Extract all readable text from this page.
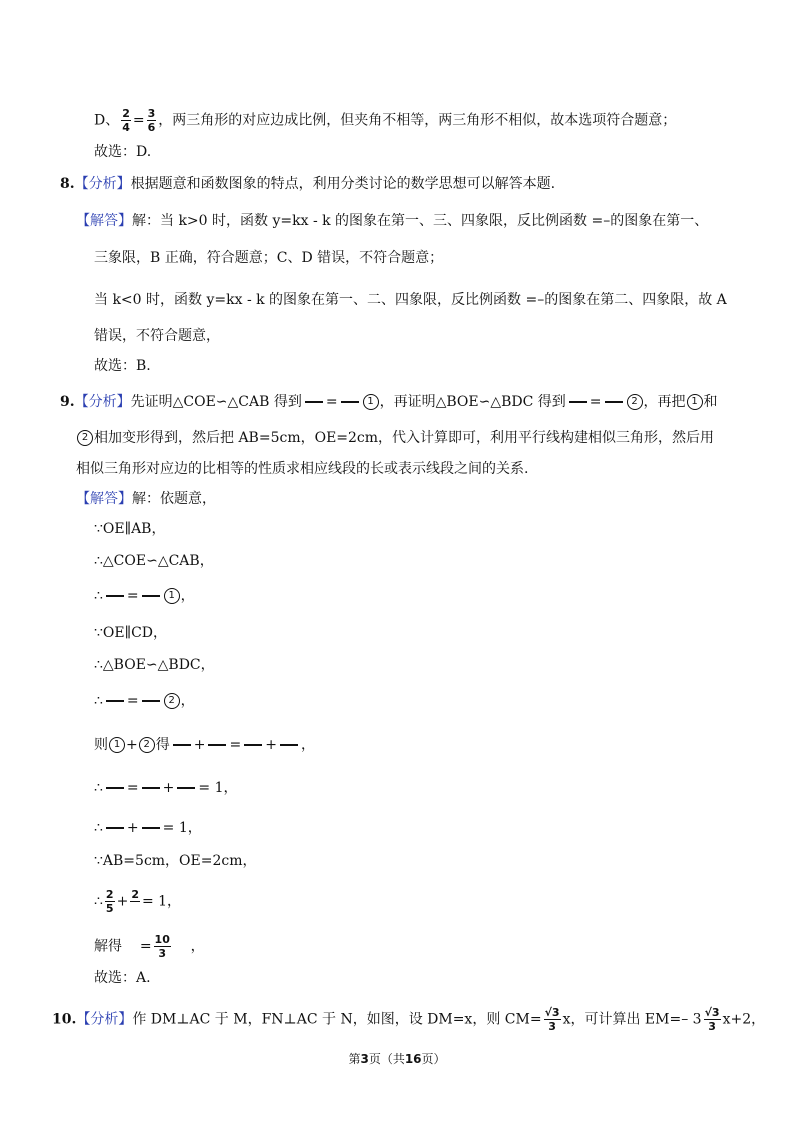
D、 $\frac{2}{4} = \frac{3}{6}$ ，两三角形的对应边成比例，但夹角不相等，两三角形不相似，故本选项符合题意；
故选：D.
8.【分析】根据题意和函数图象的特点，利用分类讨论的数学思想可以解答本题.
【解答】解：当 k>0 时，函数 y=kx - k 的图象在第一、三、四象限，反比例函数 =–的图象在第一、
三象限，B 正确，符合题意；C、D 错误，不符合题意；
当 k<0 时，函数 y=kx - k 的图象在第一、二、四象限，反比例函数 =–的图象在第二、四象限，故 A
错误，不符合题意，
故选：B.
9.【分析】先证明△COE∽△CAB 得到 =	1 ，再证明△BOE∽△BDC 得到 =	2 ，再把 1 和
2 相加变形得到，然后把 AB=5cm，OE=2cm，代入计算即可，利用平行线构建相似三角形，然后用
相似三角形对应边的比相等的性质求相应线段的长或表示线段之间的关系.
【解答】解：依题意，
∵OE∥AB，
∴△COE∽△CAB，
∴ =	1 ，
∵OE∥CD，
∴△BOE∽△BDC，
∴ =	2 ，
则 1 + 2 得 + = + ，
∴ = + = 1，
∴ + = 1，
∵AB=5cm，OE=2cm，
∴ $\frac{2}{5} + 2$
= 1，
解得 = $\frac{10}{3}$ ，
故选：A.
10.【分析】作 DM⊥AC 于 M，FN⊥AC 于 N，如图，设 DM=x，则 $CM= \frac{√3}{3}$ x，可计算出 EM=– $3 \frac{√3}{3} x+2$，
第3页（共16页）
